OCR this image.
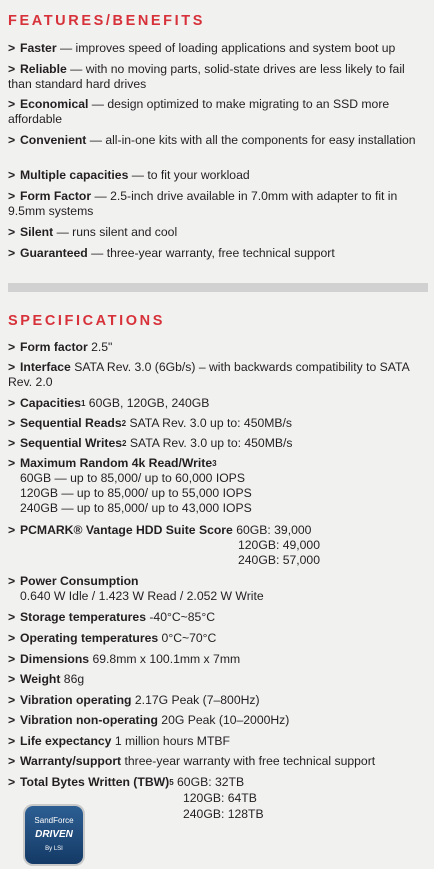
FEATURES/BENEFITS
> Faster — improves speed of loading applications and system boot up
> Reliable — with no moving parts, solid-state drives are less likely to fail than standard hard drives
> Economical — design optimized to make migrating to an SSD more affordable
> Convenient — all-in-one kits with all the components for easy installation
> Multiple capacities — to fit your workload
> Form Factor — 2.5-inch drive available in 7.0mm with adapter to fit in 9.5mm systems
> Silent — runs silent and cool
> Guaranteed — three-year warranty, free technical support
SPECIFICATIONS
> Form factor 2.5"
> Interface SATA Rev. 3.0 (6Gb/s) – with backwards compatibility to SATA Rev. 2.0
> Capacities$^1$ 60GB, 120GB, 240GB
> Sequential Reads$^2$ SATA Rev. 3.0 up to: 450MB/s
> Sequential Writes$^2$ SATA Rev. 3.0 up to: 450MB/s
> Maximum Random 4k Read/Write$^3$
60GB — up to 85,000/ up to 60,000 IOPS
120GB — up to 85,000/ up to 55,000 IOPS
240GB — up to 85,000/ up to 43,000 IOPS
> PCMARK® Vantage HDD Suite Score 60GB: 39,000
120GB: 49,000
240GB: 57,000
> Power Consumption
0.640 W Idle / 1.423 W Read / 2.052 W Write
> Storage temperatures -40°C~85°C
> Operating temperatures 0°C~70°C
> Dimensions 69.8mm x 100.1mm x 7mm
> Weight 86g
> Vibration operating 2.17G Peak (7–800Hz)
> Vibration non-operating 20G Peak (10–2000Hz)
> Life expectancy 1 million hours MTBF
> Warranty/support three-year warranty with free technical support
> Total Bytes Written (TBW)$^5$ 60GB: 32TB
120GB: 64TB
240GB: 128TB
SandForce
DRIVEN
By LSI
